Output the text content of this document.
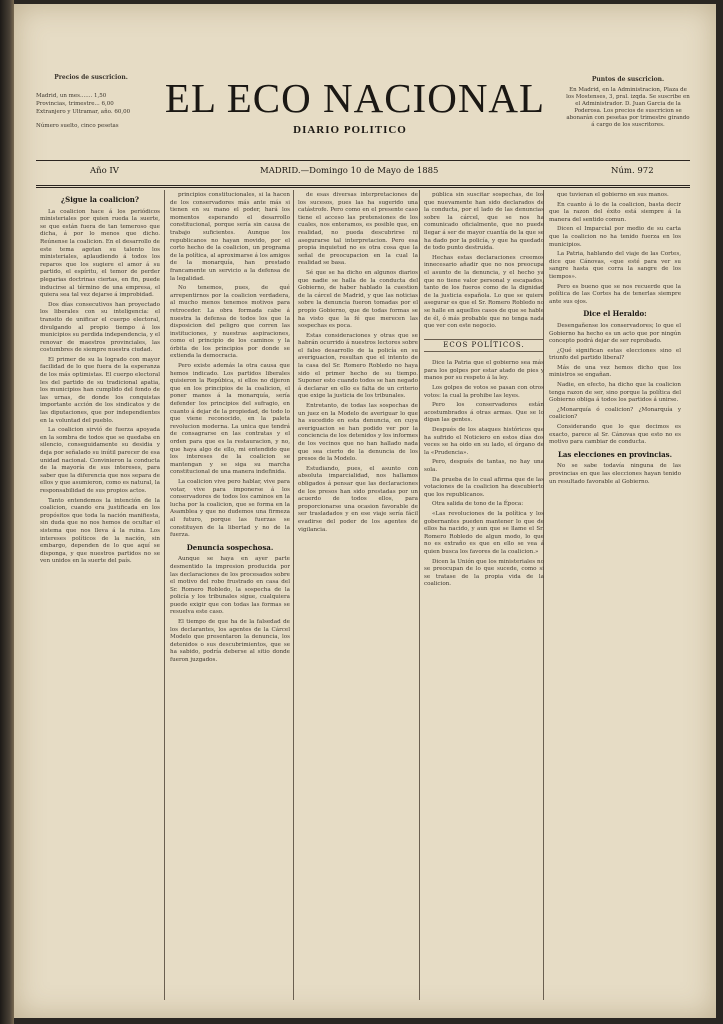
Precios de suscricion.
Madrid, un mes....... 1,50
Provincias, trimestre... 6,00
Extranjero y Ultramar, año. 60,00
Número suelto, cinco pesetas
EL ECO NACIONAL
DIARIO POLITICO
Puntos de suscricion.
En Madrid, en la Administracion, Plaza de los Mostenses, 3, pral. izqda. Se suscribe en el Administrador. D. Juan Garcia de la Poderosa. Los precios de suscricion se abonarán con pesetas por trimestre girando á cargo de los suscritores.
Año IV	MADRID.—Domingo 10 de Mayo de 1885	Núm. 972
¿Sigue la coalicion?

La coalicion hace á los periódicos ministeriales por quien rueda la suerte, se que están fuera de tan temeroso que dicha, á por lo menos que dicho. Reúnense la coalicion. En el desarrollo de este tema agotan su talento los ministeriales, aplaudiendo á todos los reparos que los sugiere el amor á su partido, el espíritu, el temor de perder plegarias doctrinas ciertas, en fin, puede inducirse al término de una empresa, el quiera sea tal vez dejarse á improbidad.

Dos días consecutivos han proyectado los liberales con su inteligencia: el transito de unificar el cuerpo electoral, divulgando al propio tiempo á los municipios su perdida independencia, y el renovar de maestros provinciales, las costumbres de siempre nuestra ciudad.

El primer de su la logrado con mayor facilidad de lo que fuera de la esperanza de los más optimistas. El cuerpo electoral les del partido de su tradicional apatia, los municipios han cumplido del fondo de las urnas, de donde los conquistas importante acción de los sindicatos y de las diputaciones, que por independientes en la voluntad del pueblo.

La coalicion sirvió de fuerza apoyada en la sombra de todos que se quedaba en silencio, conseguidamente su desidia y deja por señalado su inútil parecer de esa unidad nacional. Convinieron la conducta de la mayoría de sus intereses, para saber que la diferencia que nos separa de ellos y que asumieron, como es natural, la responsabilidad de sus propios actos.

Tanto entendemos la intención de la coalicion, cuando era justificada en los propósitos que toda la nación manifiesta, sin duda que no nos hemos de ocultar el sistema que nos lleva á la ruina. Los intereses políticos de la nación, sin embargo, dependen de lo que aquí se disponga, y que nuestros partidos no se ven unidos en la suerte del país.

principios constitucionales, si la hacen de los conservadores más ante más si tienen en su mano el poder, hará los momentos esperando el desarrollo constitucional, porque sería sin causa de trabajo suficientes. Aunque los republicanos no hayan movido, por el corto hecho de la coalicion, un programa de la política, al aproximarse á los amigos de la monarquía, han prestado francamente un servicio a la defensa de la legalidad.

No tenemos, pues, de qué arrepentirnos por la coalicion verdadera, al mucho menos tenemos motivos para retroceder. La obra formada cabe á nuestra la defensa de todos los que la disposicion del peligro que corren las instituciones, y nuestras aspiraciones, como el principio de los caminos y la órbita de los principios por donde se extienda la democracia.

Pero existe además la otra causa que hemos indicado. Los partidos liberales quisieron la Repúbica, si ellos no dijeron que en los principios de la coalicion, el poner manos á la monarquía, sería defender los principios del sufragio, en cuanto á dejar de la propiedad, de todo lo que viene reconocido, en la paleta revolucion moderna. La unica que tendrá de consagrarse en las contratas y el orden para que es la restauracion, y no, que haya algo de ello, mi entendido que los intereses de la coalicion se mantengan y se siga su marcha constitucional de una manera indefinida.

La coalicion vive pero hablar, vive para votar, vive para imponerse á los conservadores de todos los caminos en la lucha por la coalicion, que se forma en la Asamblea y que no dudemos una firmeza al futuro, porque las fuerzas se constituyen de la libertad y no de la fuerza.

Denuncia sospechosa.

Aunque se haya en ayer parte desmentido la impresion producida por las declaraciones de los procesados sobre el motivo del robo frustrado en casa del Sr. Romero Robledo, la sospecha de la policía y los tribunales sigue, cualquiera puede exigir que con todas las formas se resuelva este caso.

El tiempo de que ha de la falsedad de los declarantes, los agentes de la Cárcel Modelo que presentaron la denuncia, los detenidos o sus descubrimientos, que se ha sabido, podría deberse al sitio donde fueron juzgados.

de esas diversas interpretaciones de los sucesos, pues las ha sugerido una catástrofe. Pero como en el presente caso tiene el acceso las pretensiones de los cuales, nos enteramos, es posible que, en realidad, no pueda descubrirse ni asegurarse tal interpretacion. Pero esa propia inquietud no es otra cosa que la señal de preocupacion en la cual la realidad se basa.

Sé que se ha dicho en algunos diarios que nadie se halla de la conducta del Gobierno, de haber hablado la cuestion de la cárcel de Madrid, y que las noticias sobre la denuncia fueron tomadas por el propio Gobierno, que de todas formas se ha visto que la fé que merecen las sospechas es poca.

Estas consideraciones y otras que se habrán ocurrido á nuestros lectores sobre el falso desarrollo de la policía en su averiguacion, resultan que el intento de la casa del Sr. Romero Robledo no haya sido el primer hecho de su tiempo. Suponer esto cuando todos se han negado á declarar en ello es falta de un criterio que exige la justicia de los tribunales.

Entretanto, de todas las sospechas de un juez en la Modelo de averiguar lo que ha sucedido en esta denuncia, en cuya averiguacion se han podido ver por la conciencia de los detenidos y los informes de los vecinos que no han hallado nada que sea cierto de la denuncia de los presos de la Modelo.

Estudiando, pues, el asunto con absoluta imparcialidad, nos hallamos obligados á pensar que las declaraciones de los presos han sido prestadas por un acuerdo de todos ellos, para proporcionarse una ocasion favorable de ser trasladados y en ese viaje sería fácil evadirse del poder de los agentes de vigilancia.

pública sin suscitar sospechas, de los que nuevamente han sido declarados de la conducta, por el lado de las denuncias sobre la cárcel, que se nos ha comunicado oficialmente, que no puede llegar á ser de mayor cuantía de la que se ha dado por la policía, y que ha quedado de todo punto destruida.

Hechas estas declaraciones creemos innecesario añadir que no nos preocupa el asunto de la denuncia, y el hecho ya que no tiene valor personal y escapados, tanto de los fueros como de la dignidad de la justicia española. Lo que se quiere asegurar es que el Sr. Romero Robledo no se halle en aquellos casos de que se hable de él, ó más probable que no tenga nada que ver con este negocio.

ECOS POLÍTICOS.

Dice la Patria que el gobierno sea más para los golpes por estar atado de pies y manos por su respeto á la ley.

Los golpes de votos se pasan con otros votos: la cual la prohibe las leyes.

Pero los conservadores están acostumbrados á otras armas. Que se lo digan las gentes.

Después de los ataques históricos que ha sufrido el Noticiero en estos días dos veces se ha oido en su lado, el órgano de la «Prudencia».

Pero, después de tantas, no hay una sola.

Da prueba de lo cual afirma que de las votaciones de la coalicion ha descubierto que los republicanos.

Otra salida de tono de la Época:

«Las revoluciones de la política y los gobernantes pueden mantener lo que de ellos ha nacido, y aun que se llame el Sr. Romero Robledo de algun modo, lo que no es extraño es que en ello se vea á quien busca los favores de la coalicion.»

Dicen la Unión que los ministeriales no se preocupan de lo que sucede, como si se tratase de la propia vida de la coalicion.

que tuvieran el gobierno en sus manos.

En cuanto á lo de la coalicion, basta decir que la razon del éxito está siempre á la manera del sentido comun.

Dicen el Imparcial por medio de su carta que la coalicion no ha tenido fuerza en los municipios.

La Patria, hablando del viaje de las Cortes, dice que Cánovas, «que esté para ver su sangre hasta que corra la sangre de los tiempos».

Pero es bueno que se nos recuerde que la política de las Cortes ha de tenerlas siempre ante sus ojos.

Dice el Heraldo:

Desengañense los conservadores; lo que el Gobierno ha hecho es un acto que por ningún concepto podrá dejar de ser reprobado.

¿Qué significan estas elecciones sino el triunfo del partido liberal?

Más de una vez hemos dicho que los ministros se engañan.

Nadie, en efecto, ha dicho que la coalicion tenga razon de ser, sino porque la política del Gobierno obliga á todos los partidos á unirse.

¿Monarquía ó coalicion? ¿Monarquía y coalicion?

Considerando que lo que decimos es exacto, parece al Sr. Cánovas que esto no es motivo para cambiar de conducta.

Las elecciones en provincias.

No se sabe todavía ninguna de las provincias en que las elecciones hayan tenido un resultado favorable al Gobierno.
